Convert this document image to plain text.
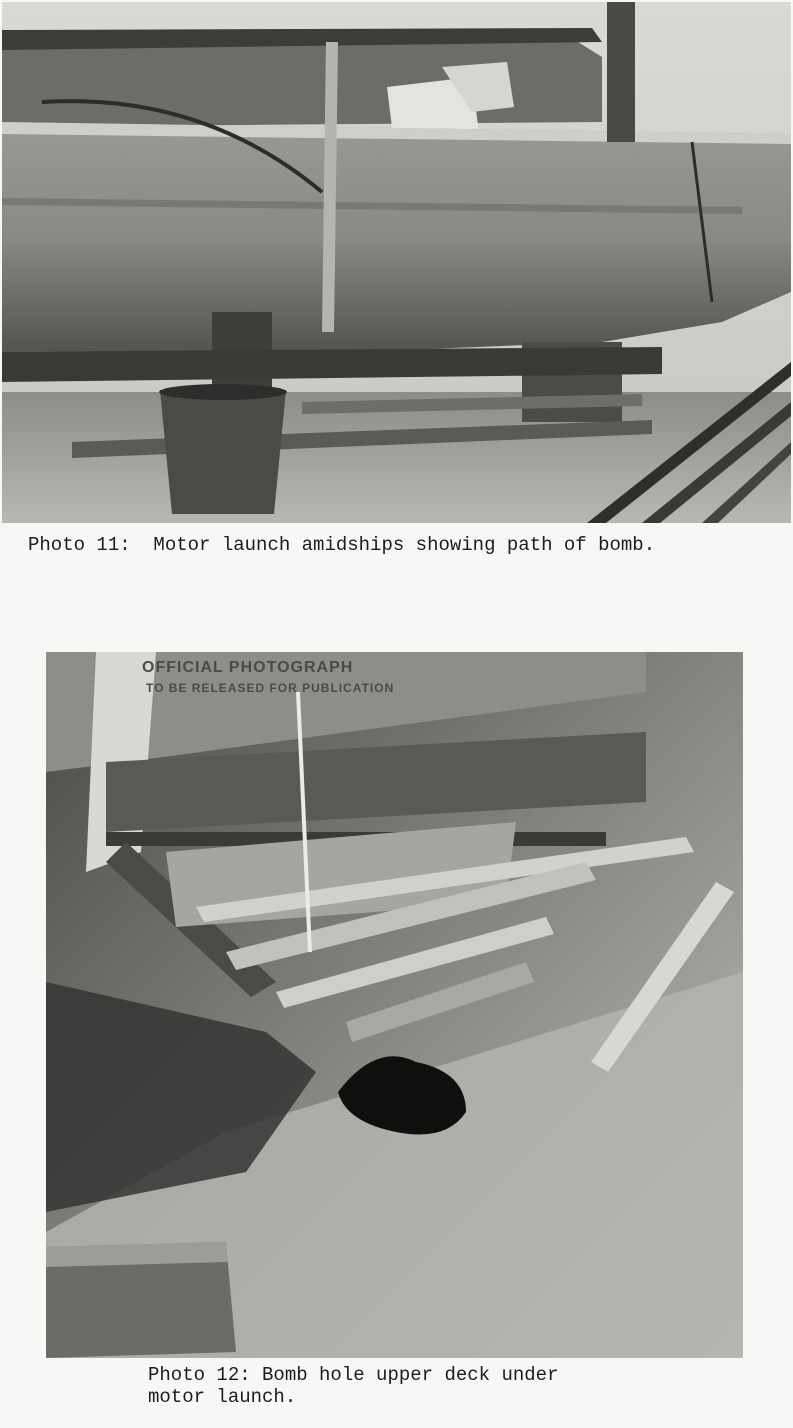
Photo 11:  Motor launch amidships showing path of bomb.
OFFICIAL PHOTOGRAPH
TO BE RELEASED FOR PUBLICATION
Photo 12: Bomb hole upper deck under
motor launch.
